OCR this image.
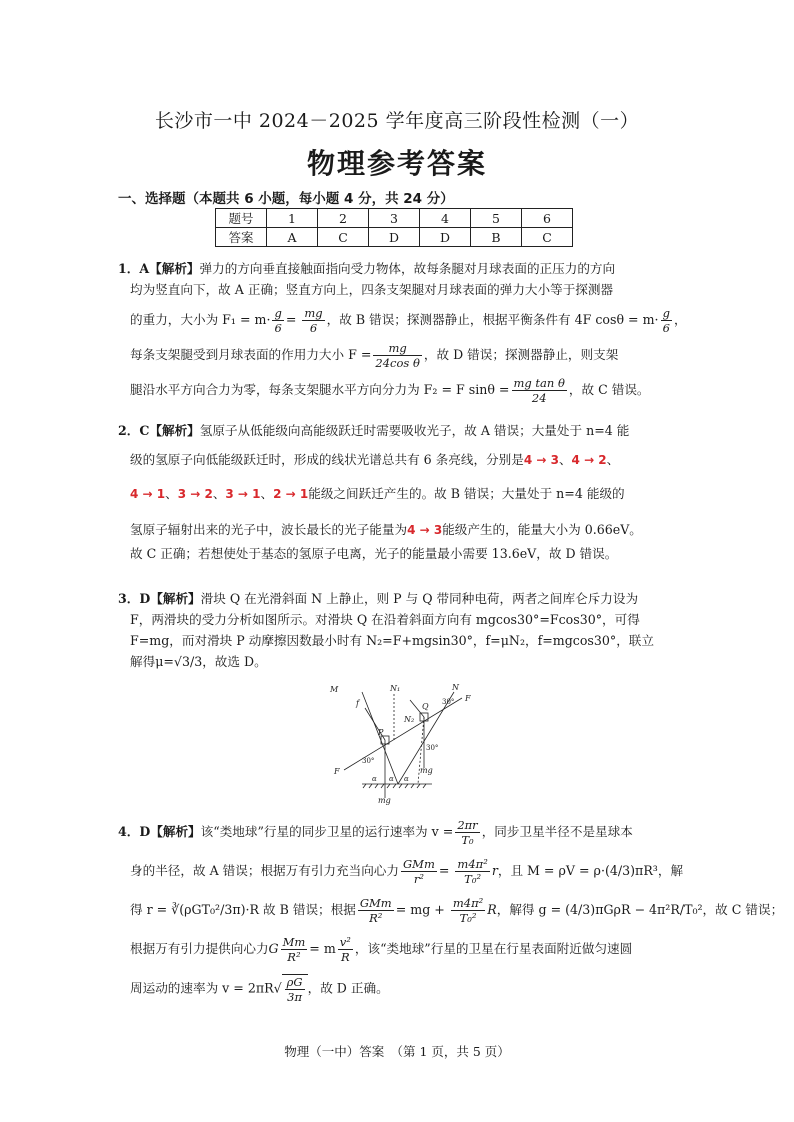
长沙市一中 2024－2025 学年度高三阶段性检测（一）
物理参考答案
一、选择题（本题共 6 小题，每小题 4 分，共 24 分）
题号	1	2	3	4	5	6
答案	A	C	D	D	B	C
1．A【解析】弹力的方向垂直接触面指向受力物体，故每条腿对月球表面的正压力的方向
均为竖直向下，故 A 正确；竖直方向上，四条支架腿对月球表面的弹力大小等于探测器
的重力，大小为 $F_1 = m\cdot \frac{g}{6} = \frac{mg}{6}$ ，故 B 错误；探测器静止，根据平衡条件有 4F $\cos\theta = m\cdot \frac{g}{6}$ ，
每条支架腿受到月球表面的作用力大小 $F = \frac{mg}{\text{24cos θ}}$ ，故 D 错误；探测器静止，则支架
腿沿水平方向合力为零，每条支架腿水平方向分力为 F₂ = F $\sin\theta = \frac{\text{mg tan θ}}{24}$ ，故 C 错误。
2．C【解析】氢原子从低能级向高能级跃迁时需要吸收光子，故 A 错误；大量处于 n=4 能
级的氢原子向低能级跃迁时，形成的线状光谱总共有 6 条亮线，分别是4 → 3、4 → 2、
4 → 1、3 → 2、3 → 1、2 → 1能级之间跃迁产生的。故 B 错误；大量处于 n=4 能级的
氢原子辐射出来的光子中，波长最长的光子能量为4 → 3能级产生的，能量大小为 0.66eV。
故 C 正确；若想使处于基态的氢原子电离，光子的能量最小需要 13.6eV，故 D 错误。
3．D【解析】滑块 Q 在光滑斜面 N 上静止，则 P 与 Q 带同种电荷，两者之间库仑斥力设为
F，两滑块的受力分析如图所示。对滑块 Q 在沿着斜面方向有 mgcos30°=Fcos30°，可得
F=mg，而对滑块 P 动摩擦因数最小时有 N₂=F+mgsin30°，f=μN₂，f=mgcos30°，联立
解得μ=√3/3，故选 D。
M	N₁	N
f	Q
F
N₂
30°
30°
P
30°
F	mg
α α α
mg
4．D【解析】该“类地球”行星的同步卫星的运行速率为 $v = \frac{2\pi r}{\text{T₀}}$ ，同步卫星半径不是星球本
身的半径，故 A 错误；根据万有引力充当向心力 $\frac{\text{GMm}}{\text{r²}} = \frac{\text{m4π²}}{\text{T₀²}}$ r，且 M = ρV = ρ·(4/3)πR³，解
得 r = ∛(ρGT₀²/3π)·R 故 B 错误；根据 $\frac{\text{GMm}}{\text{R²}}$ = mg + $\frac{\text{m4π²}}{\text{T₀²}}$ R，解得 g = (4/3)πGρR − 4π²R/T₀²，故 C 错误；
根据万有引力提供向心力G $\frac{Mm}{\text{R²}} = m \frac{\text{v²}}{R}$ ，该“类地球”行星的卫星在行星表面附近做匀速圆
周运动的速率为 $v = 2\pi R√ \frac{\rho G}{3\pi}$ ，故 D 正确。
物理（一中）答案　（第 1 页，共 5 页）
